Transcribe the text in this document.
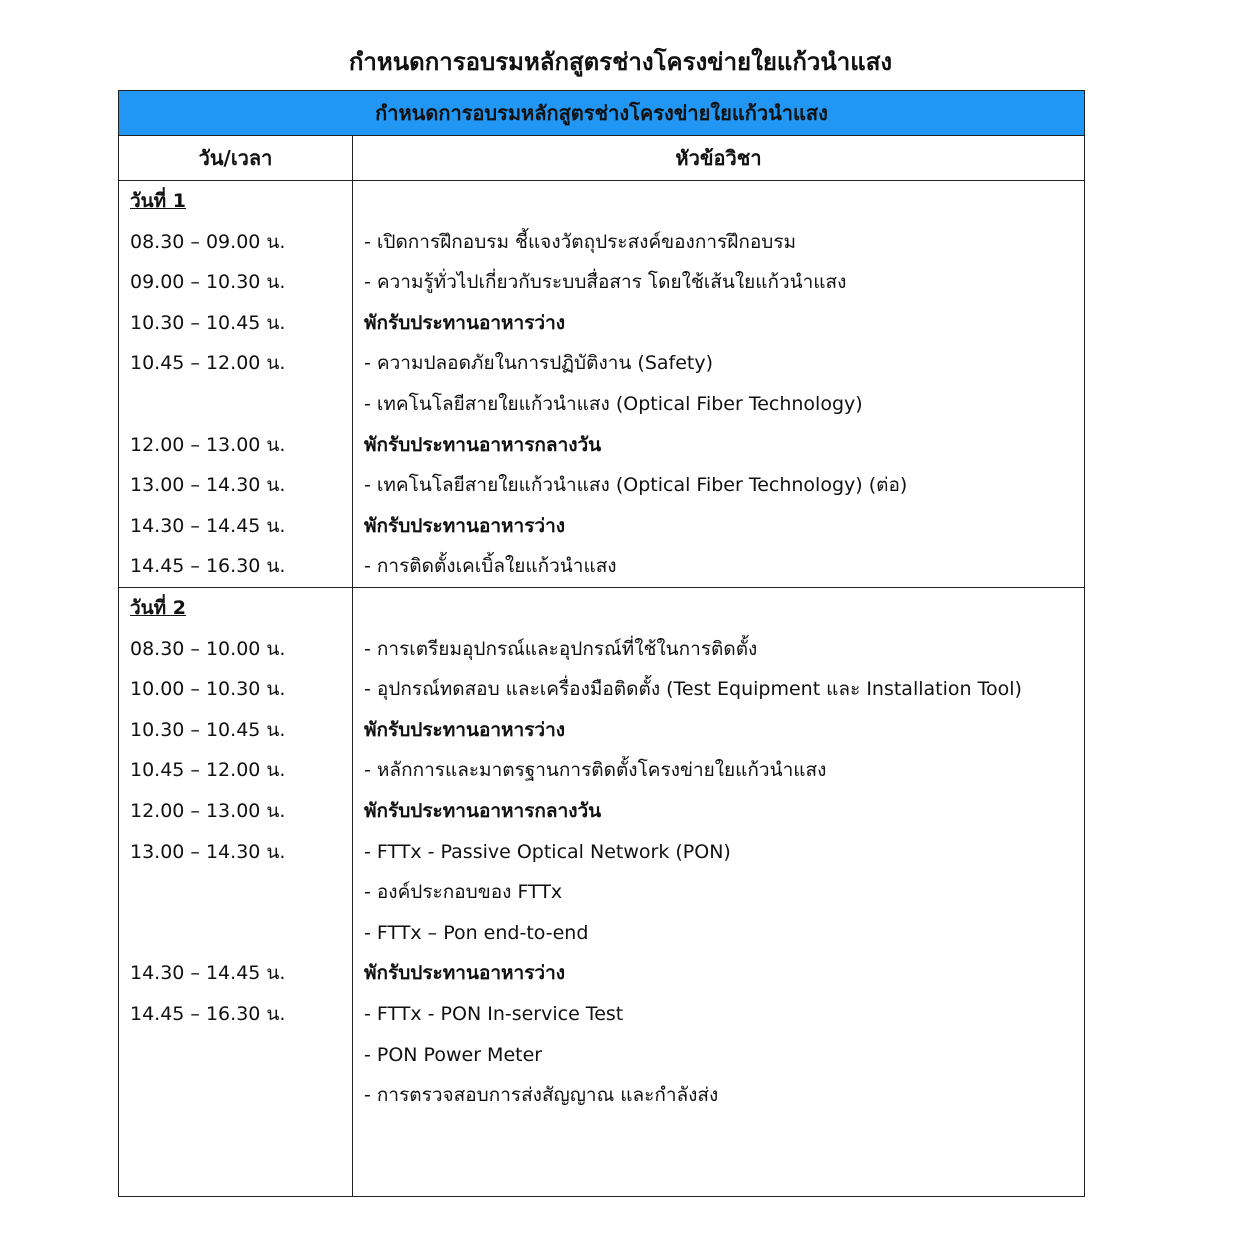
กำหนดการอบรมหลักสูตรช่างโครงข่ายใยแก้วนำแสง
กำหนดการอบรมหลักสูตรช่างโครงข่ายใยแก้วนำแสง
วัน/เวลา	หัวข้อวิชา
วันที่ 1
08.30 – 09.00 น.	- เปิดการฝึกอบรม ชี้แจงวัตถุประสงค์ของการฝึกอบรม
09.00 – 10.30 น.	- ความรู้ทั่วไปเกี่ยวกับระบบสื่อสาร โดยใช้เส้นใยแก้วนำแสง
10.30 – 10.45 น.	พักรับประทานอาหารว่าง
10.45 – 12.00 น.	- ความปลอดภัยในการปฏิบัติงาน (Safety)
- เทคโนโลยีสายใยแก้วนำแสง (Optical Fiber Technology)
12.00 – 13.00 น.	พักรับประทานอาหารกลางวัน
13.00 – 14.30 น.	- เทคโนโลยีสายใยแก้วนำแสง (Optical Fiber Technology) (ต่อ)
14.30 – 14.45 น.	พักรับประทานอาหารว่าง
14.45 – 16.30 น.	- การติดตั้งเคเบิ้ลใยแก้วนำแสง
วันที่ 2
08.30 – 10.00 น.	- การเตรียมอุปกรณ์และอุปกรณ์ที่ใช้ในการติดตั้ง
10.00 – 10.30 น.	- อุปกรณ์ทดสอบ และเครื่องมือติดตั้ง (Test Equipment และ Installation Tool)
10.30 – 10.45 น.	พักรับประทานอาหารว่าง
10.45 – 12.00 น.	- หลักการและมาตรฐานการติดตั้งโครงข่ายใยแก้วนำแสง
12.00 – 13.00 น.	พักรับประทานอาหารกลางวัน
13.00 – 14.30 น.	- FTTx - Passive Optical Network (PON)
- องค์ประกอบของ FTTx
- FTTx – Pon end-to-end
14.30 – 14.45 น.	พักรับประทานอาหารว่าง
14.45 – 16.30 น.	- FTTx - PON In-service Test
- PON Power Meter
- การตรวจสอบการส่งสัญญาณ และกำลังส่ง
